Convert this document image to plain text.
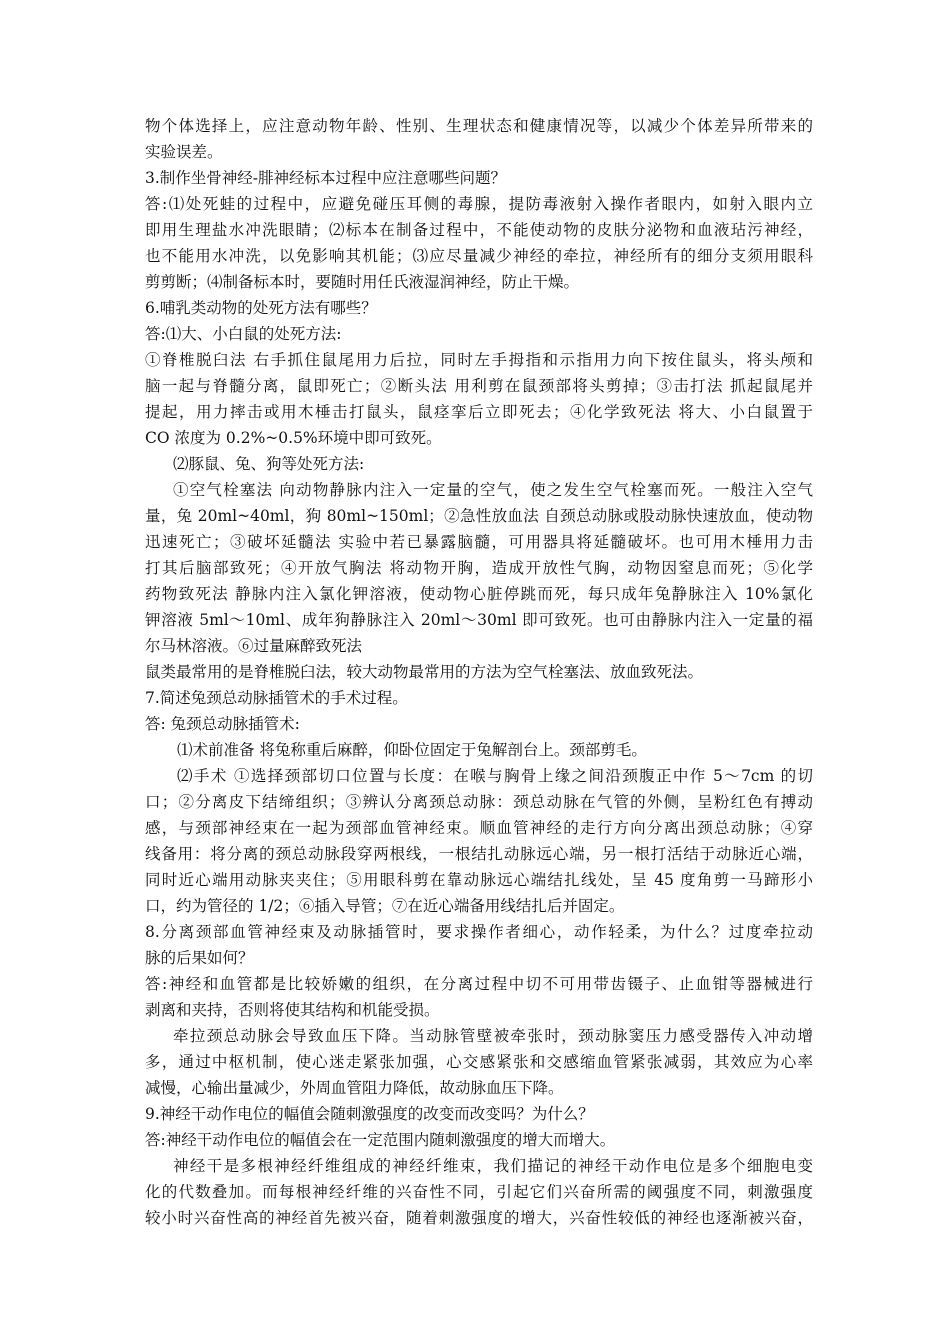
物个体选择上，应注意动物年龄、性别、生理状态和健康情况等，以减少个体差异所带来的
实验误差。
3.制作坐骨神经-腓神经标本过程中应注意哪些问题？
答:⑴处死蛙的过程中，应避免碰压耳侧的毒腺，提防毒液射入操作者眼内，如射入眼内立
即用生理盐水冲洗眼睛；⑵标本在制备过程中，不能使动物的皮肤分泌物和血液玷污神经，
也不能用水冲洗，以免影响其机能；⑶应尽量减少神经的牵拉，神经所有的细分支须用眼科
剪剪断；⑷制备标本时，要随时用任氏液湿润神经，防止干燥。
6.哺乳类动物的处死方法有哪些？
答:⑴大、小白鼠的处死方法:
①脊椎脱臼法 右手抓住鼠尾用力后拉，同时左手拇指和示指用力向下按住鼠头，将头颅和
脑一起与脊髓分离，鼠即死亡；②断头法 用利剪在鼠颈部将头剪掉；③击打法 抓起鼠尾并
提起，用力摔击或用木棰击打鼠头，鼠痉挛后立即死去；④化学致死法 将大、小白鼠置于
CO 浓度为 0.2%~0.5%环境中即可致死。
⑵豚鼠、兔、狗等处死方法:
①空气栓塞法 向动物静脉内注入一定量的空气，使之发生空气栓塞而死。一般注入空气
量，兔 20ml~40ml，狗 80ml~150ml；②急性放血法 自颈总动脉或股动脉快速放血，使动物
迅速死亡；③破坏延髓法 实验中若已暴露脑髓，可用器具将延髓破坏。也可用木棰用力击
打其后脑部致死；④开放气胸法 将动物开胸，造成开放性气胸，动物因窒息而死；⑤化学
药物致死法 静脉内注入氯化钾溶液，使动物心脏停跳而死，每只成年兔静脉注入 10%氯化
钾溶液 5ml～10ml、成年狗静脉注入 20ml～30ml 即可致死。也可由静脉内注入一定量的福
尔马林溶液。⑥过量麻醉致死法
鼠类最常用的是脊椎脱臼法，较大动物最常用的方法为空气栓塞法、放血致死法。
7.简述兔颈总动脉插管术的手术过程。
答: 兔颈总动脉插管术:
⑴术前准备 将兔称重后麻醉，仰卧位固定于兔解剖台上。颈部剪毛。
⑵手术 ①选择颈部切口位置与长度：在喉与胸骨上缘之间沿颈腹正中作 5～7cm 的切
口；②分离皮下结缔组织；③辨认分离颈总动脉：颈总动脉在气管的外侧，呈粉红色有搏动
感，与颈部神经束在一起为颈部血管神经束。顺血管神经的走行方向分离出颈总动脉；④穿
线备用：将分离的颈总动脉段穿两根线，一根结扎动脉远心端，另一根打活结于动脉近心端，
同时近心端用动脉夹夹住；⑤用眼科剪在靠动脉远心端结扎线处，呈 45 度角剪一马蹄形小
口，约为管径的 1/2；⑥插入导管；⑦在近心端备用线结扎后并固定。
8.分离颈部血管神经束及动脉插管时，要求操作者细心，动作轻柔，为什么？过度牵拉动
脉的后果如何？
答:神经和血管都是比较娇嫩的组织，在分离过程中切不可用带齿镊子、止血钳等器械进行
剥离和夹持，否则将使其结构和机能受损。
牵拉颈总动脉会导致血压下降。当动脉管壁被牵张时，颈动脉窦压力感受器传入冲动增
多，通过中枢机制，使心迷走紧张加强，心交感紧张和交感缩血管紧张减弱，其效应为心率
减慢，心输出量减少，外周血管阻力降低，故动脉血压下降。
9.神经干动作电位的幅值会随刺激强度的改变而改变吗？为什么？
答:神经干动作电位的幅值会在一定范围内随刺激强度的增大而增大。
神经干是多根神经纤维组成的神经纤维束，我们描记的神经干动作电位是多个细胞电变
化的代数叠加。而每根神经纤维的兴奋性不同，引起它们兴奋所需的阈强度不同，刺激强度
较小时兴奋性高的神经首先被兴奋，随着刺激强度的增大，兴奋性较低的神经也逐渐被兴奋，
